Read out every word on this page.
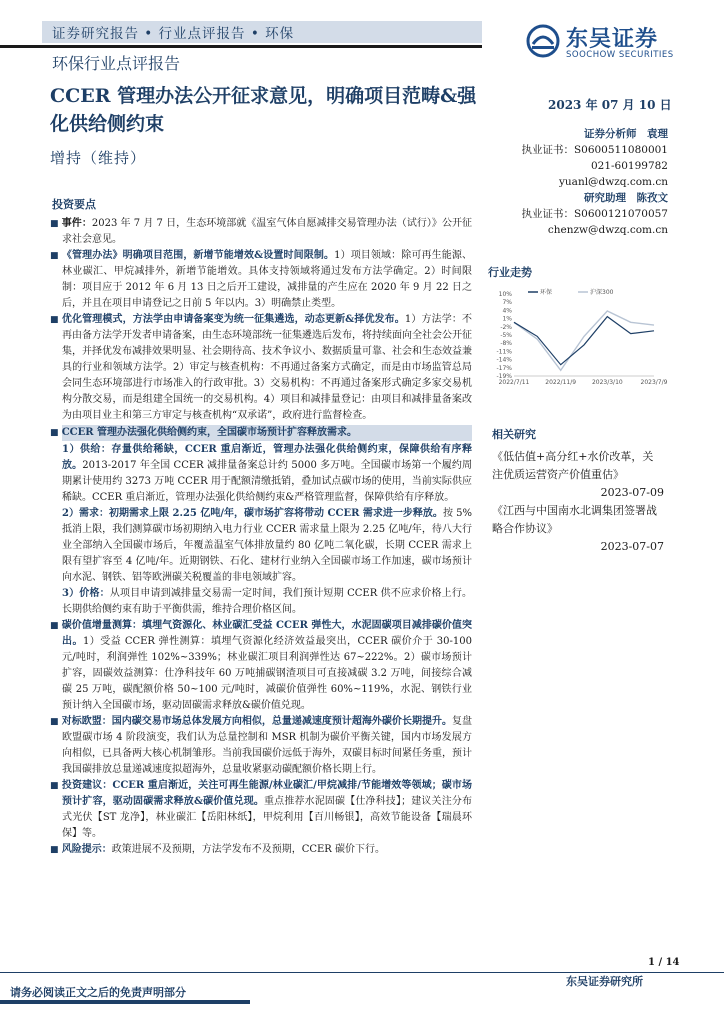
证券研究报告 • 行业点评报告 • 环保
环保行业点评报告
东吴证券
SOOCHOW SECURITIES
CCER 管理办法公开征求意见，明确项目范畴&强化供给侧约束
增持（维持）
2023 年 07 月 10 日
证券分析师　袁理
执业证书：S0600511080001
021-60199782
yuanl@dwzq.com.cn
研究助理　陈孜文
执业证书：S0600121070057
chenzw@dwzq.com.cn
行业走势
10%
7%
4%
1%
-2%
-5%
-8%
-11%
-14%
-17%
-19%
2022/7/11	2022/11/9	2023/3/10	2023/7/9
环保	沪深300
相关研究

《低估值+高分红+水价改革，关注优质运营资产价值重估》

2023-07-09

《江西与中国南水北调集团签署战略合作协议》

2023-07-07

投资要点

■ 事件：2023 年 7 月 7 日，生态环境部就《温室气体自愿减排交易管理办法（试行）》公开征求社会意见。

■ 《管理办法》明确项目范围，新增节能增效&设置时间限制。1）项目领域：除可再生能源、林业碳汇、甲烷减排外，新增节能增效。具体支持领域将通过发布方法学确定。2）时间限制：项目应于 2012 年 6 月 13 日之后开工建设，减排量的产生应在 2020 年 9 月 22 日之后，并且在项目申请登记之日前 5 年以内。3）明确禁止类型。

■ 优化管理模式，方法学由申请备案变为统一征集遴选，动态更新&择优发布。1）方法学：不再由备方法学开发者申请备案，由生态环境部统一征集遴选后发布，将持续面向全社会公开征集，并择优发布减排效果明显、社会期待高、技术争议小、数据质量可靠、社会和生态效益兼具的行业和领域方法学。2）审定与核查机构：不再通过备案方式确定，而是由市场监管总局会同生态环境部进行市场准入的行政审批。3）交易机构：不再通过备案形式确定多家交易机构分散交易，而是组建全国统一的交易机构。4）项目和减排量登记：由项目和减排量备案改为由项目业主和第三方审定与核查机构“双承诺”，政府进行监督检查。

■ CCER 管理办法强化供给侧约束，全国碳市场预计扩容释放需求。

1）供给：存量供给稀缺，CCER 重启渐近，管理办法强化供给侧约束，保障供给有序释放。2013-2017 年全国 CCER 减排量备案总计约 5000 多万吨。全国碳市场第一个履约周期累计使用约 3273 万吨 CCER 用于配额清缴抵销，叠加试点碳市场的使用，当前实际供应稀缺。CCER 重启渐近，管理办法强化供给侧约束&严格管理监督，保障供给有序释放。

2）需求：初期需求上限 2.25 亿吨/年，碳市场扩容将带动 CCER 需求进一步释放。按 5%抵消上限，我们测算碳市场初期纳入电力行业 CCER 需求量上限为 2.25 亿吨/年，待八大行业全部纳入全国碳市场后，年覆盖温室气体排放量约 80 亿吨二氧化碳，长期 CCER 需求上限有望扩容至 4 亿吨/年。近期钢铁、石化、建材行业纳入全国碳市场工作加速，碳市场预计向水泥、钢铁、铝等欧洲碳关税覆盖的非电领域扩容。

3）价格：从项目申请到减排量交易需一定时间，我们预计短期 CCER 供不应求价格上行。长期供给侧约束有助于平衡供需，维持合理价格区间。

■ 碳价值增量测算：填埋气资源化、林业碳汇受益 CCER 弹性大，水泥固碳项目减排碳价值突出。1）受益 CCER 弹性测算：填埋气资源化经济效益最突出，CCER 碳价介于 30-100 元/吨时，利润弹性 102%~339%；林业碳汇项目利润弹性达 67~222%。2）碳市场预计扩容，固碳效益测算：仕净科技年 60 万吨捕碳钢渣项目可直接减碳 3.2 万吨，间接综合减碳 25 万吨，碳配额价格 50~100 元/吨时，减碳价值弹性 60%~119%，水泥、钢铁行业预计纳入全国碳市场，驱动固碳需求释放&碳价值兑现。

■ 对标欧盟：国内碳交易市场总体发展方向相似，总量递减速度预计超海外碳价长期提升。复盘欧盟碳市场 4 阶段演变，我们认为总量控制和 MSR 机制为碳价平衡关键，国内市场发展方向相似，已具备两大核心机制雏形。当前我国碳价远低于海外，双碳目标时间紧任务重，预计我国碳排放总量递减速度拟超海外，总量收紧驱动碳配额价格长期上行。

■ 投资建议：CCER 重启渐近，关注可再生能源/林业碳汇/甲烷减排/节能增效等领域；碳市场预计扩容，驱动固碳需求释放&碳价值兑现。重点推荐水泥固碳【仕净科技】；建议关注分布式光伏【ST 龙净】，林业碳汇【岳阳林纸】，甲烷利用【百川畅银】，高效节能设备【瑞晨环保】等。

■ 风险提示：政策进展不及预期，方法学发布不及预期，CCER 碳价下行。

1 / 14
东吴证券研究所
请务必阅读正文之后的免责声明部分
